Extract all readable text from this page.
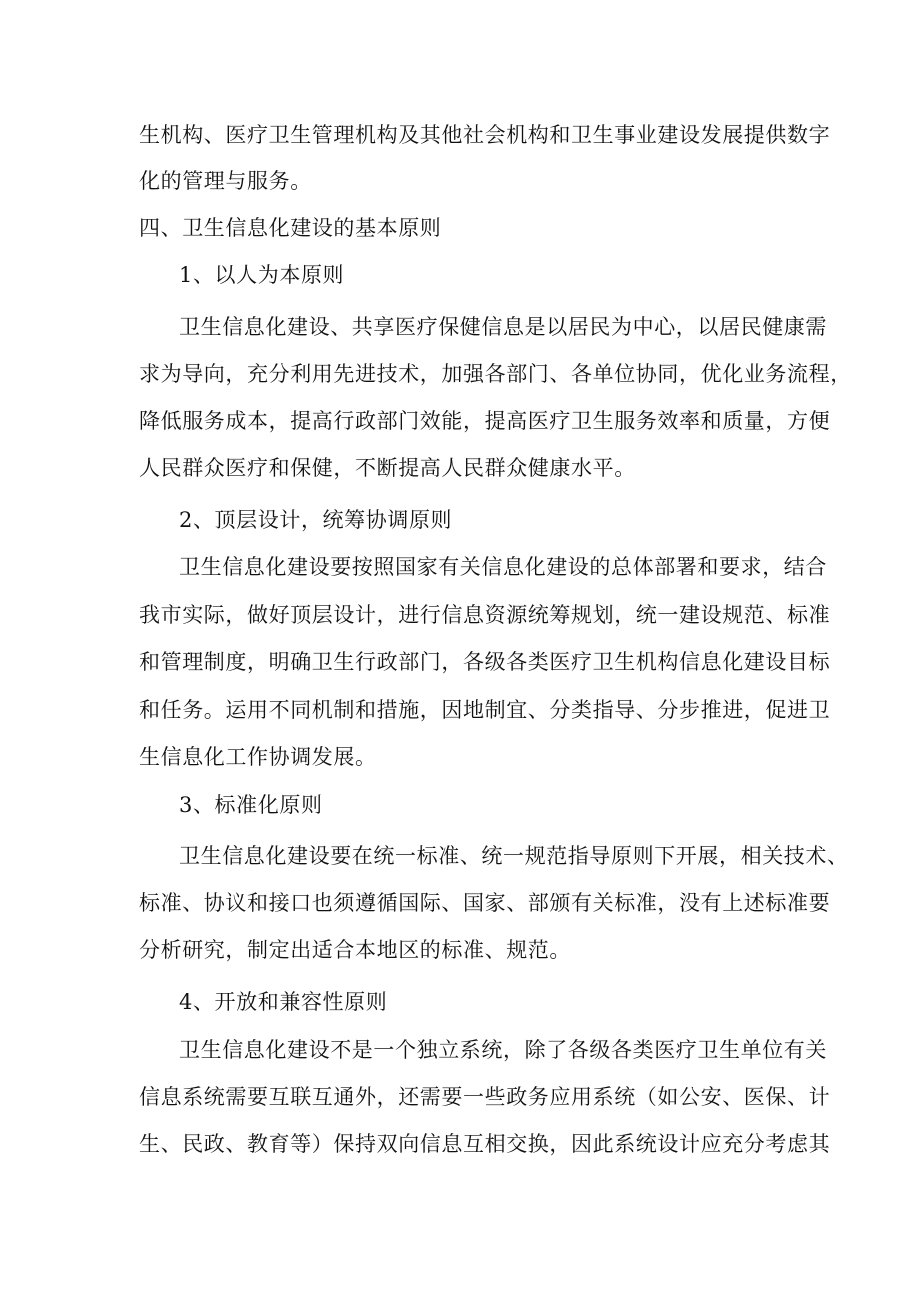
生机构、医疗卫生管理机构及其他社会机构和卫生事业建设发展提供数字
化的管理与服务。
四、卫生信息化建设的基本原则
1、以人为本原则
卫生信息化建设、共享医疗保健信息是以居民为中心，以居民健康需
求为导向，充分利用先进技术，加强各部门、各单位协同，优化业务流程，
降低服务成本，提高行政部门效能，提高医疗卫生服务效率和质量，方便
人民群众医疗和保健，不断提高人民群众健康水平。
2、顶层设计，统筹协调原则
卫生信息化建设要按照国家有关信息化建设的总体部署和要求，结合
我市实际，做好顶层设计，进行信息资源统筹规划，统一建设规范、标准
和管理制度，明确卫生行政部门，各级各类医疗卫生机构信息化建设目标
和任务。运用不同机制和措施，因地制宜、分类指导、分步推进，促进卫
生信息化工作协调发展。
3、标准化原则
卫生信息化建设要在统一标准、统一规范指导原则下开展，相关技术、
标准、协议和接口也须遵循国际、国家、部颁有关标准，没有上述标准要
分析研究，制定出适合本地区的标准、规范。
4、开放和兼容性原则
卫生信息化建设不是一个独立系统，除了各级各类医疗卫生单位有关
信息系统需要互联互通外，还需要一些政务应用系统（如公安、医保、计
生、民政、教育等）保持双向信息互相交换，因此系统设计应充分考虑其
